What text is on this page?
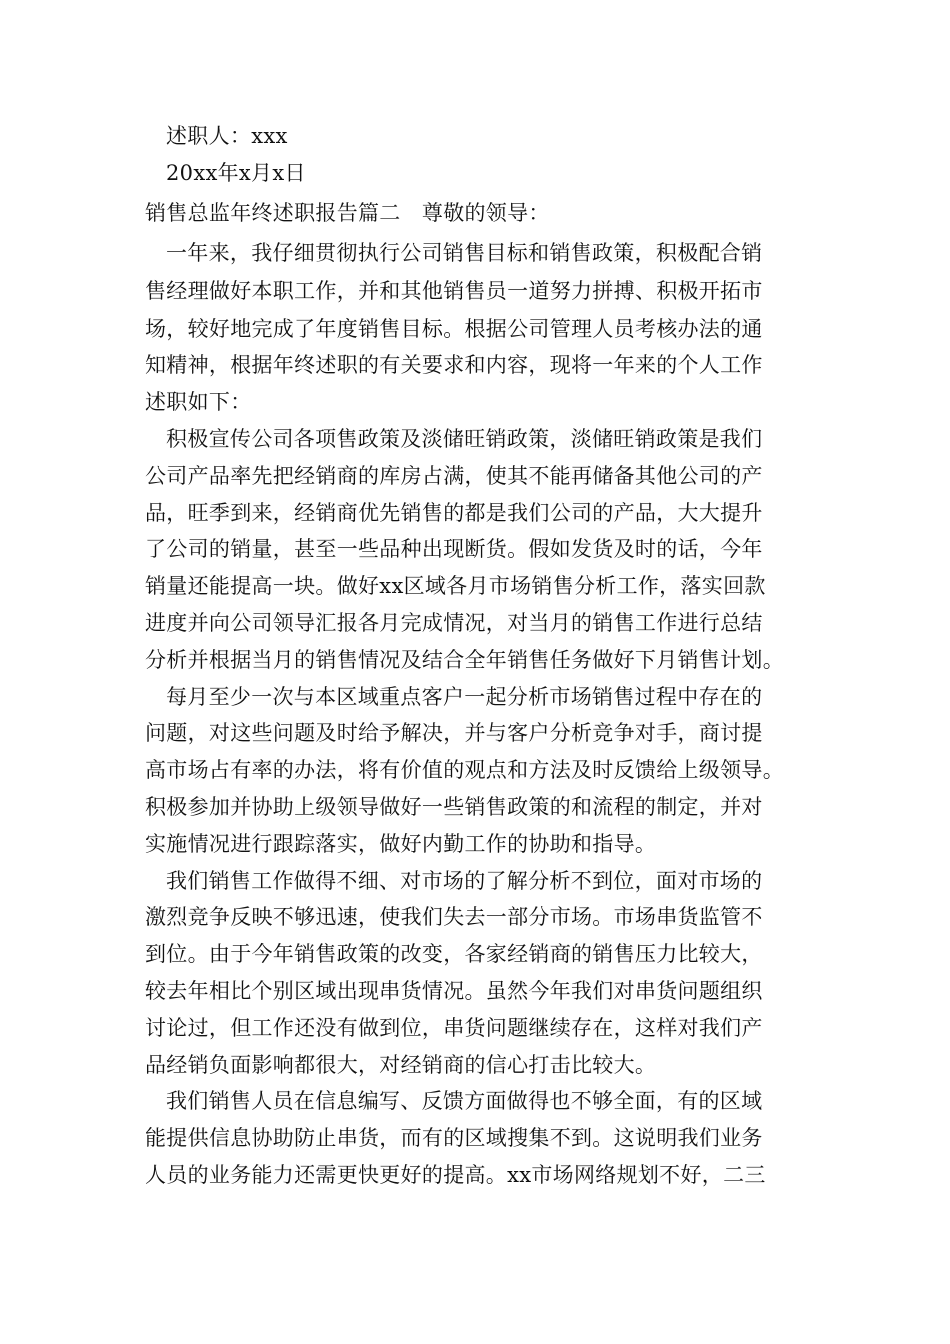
述职人：xxx
20xx年x月x日
销售总监年终述职报告篇二　尊敬的领导：
一年来，我仔细贯彻执行公司销售目标和销售政策，积极配合销
售经理做好本职工作，并和其他销售员一道努力拼搏、积极开拓市
场，较好地完成了年度销售目标。根据公司管理人员考核办法的通
知精神，根据年终述职的有关要求和内容，现将一年来的个人工作
述职如下：
积极宣传公司各项售政策及淡储旺销政策，淡储旺销政策是我们
公司产品率先把经销商的库房占满，使其不能再储备其他公司的产
品，旺季到来，经销商优先销售的都是我们公司的产品，大大提升
了公司的销量，甚至一些品种出现断货。假如发货及时的话，今年
销量还能提高一块。做好xx区域各月市场销售分析工作，落实回款
进度并向公司领导汇报各月完成情况，对当月的销售工作进行总结
分析并根据当月的销售情况及结合全年销售任务做好下月销售计划。
每月至少一次与本区域重点客户一起分析市场销售过程中存在的
问题，对这些问题及时给予解决，并与客户分析竞争对手，商讨提
高市场占有率的办法，将有价值的观点和方法及时反馈给上级领导。
积极参加并协助上级领导做好一些销售政策的和流程的制定，并对
实施情况进行跟踪落实，做好内勤工作的协助和指导。
我们销售工作做得不细、对市场的了解分析不到位，面对市场的
激烈竞争反映不够迅速，使我们失去一部分市场。市场串货监管不
到位。由于今年销售政策的改变，各家经销商的销售压力比较大，
较去年相比个别区域出现串货情况。虽然今年我们对串货问题组织
讨论过，但工作还没有做到位，串货问题继续存在，这样对我们产
品经销负面影响都很大，对经销商的信心打击比较大。
我们销售人员在信息编写、反馈方面做得也不够全面，有的区域
能提供信息协助防止串货，而有的区域搜集不到。这说明我们业务
人员的业务能力还需更快更好的提高。xx市场网络规划不好，二三
